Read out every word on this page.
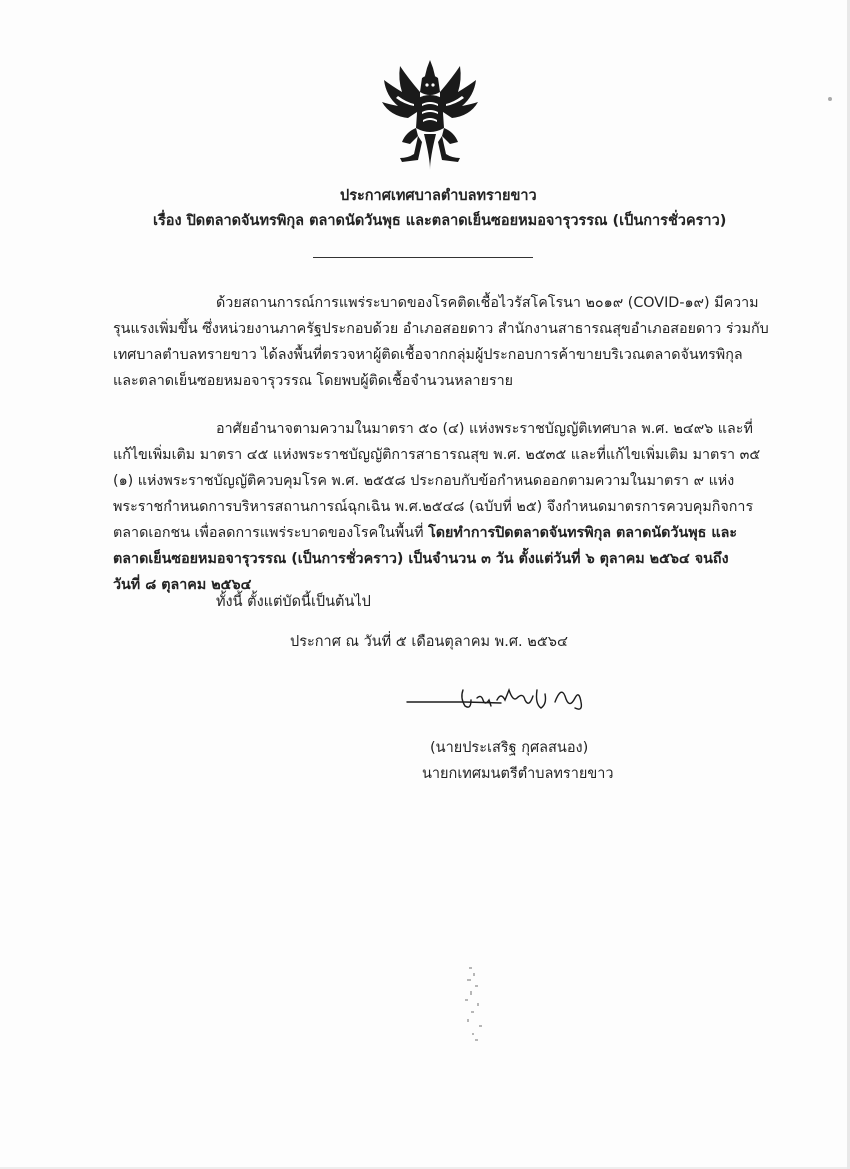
ประกาศเทศบาลตำบลทรายขาว
เรื่อง ปิดตลาดจันทรพิกุล ตลาดนัดวันพุธ และตลาดเย็นซอยหมอจารุวรรณ (เป็นการชั่วคราว)

ด้วยสถานการณ์การแพร่ระบาดของโรคติดเชื้อไวรัสโคโรนา ๒๐๑๙ (COVID-๑๙) มีความ

รุนแรงเพิ่มขึ้น ซึ่งหน่วยงานภาครัฐประกอบด้วย อำเภอสอยดาว สำนักงานสาธารณสุขอำเภอสอยดาว ร่วมกับ

เทศบาลตำบลทรายขาว ได้ลงพื้นที่ตรวจหาผู้ติดเชื้อจากกลุ่มผู้ประกอบการค้าขายบริเวณตลาดจันทรพิกุล

และตลาดเย็นซอยหมอจารุวรรณ โดยพบผู้ติดเชื้อจำนวนหลายราย

อาศัยอำนาจตามความในมาตรา ๕๐ (๔) แห่งพระราชบัญญัติเทศบาล พ.ศ. ๒๔๙๖ และที่

แก้ไขเพิ่มเติม มาตรา ๔๕ แห่งพระราชบัญญัติการสาธารณสุข พ.ศ. ๒๕๓๕ และที่แก้ไขเพิ่มเติม มาตรา ๓๕

(๑) แห่งพระราชบัญญัติควบคุมโรค พ.ศ. ๒๕๕๘ ประกอบกับข้อกำหนดออกตามความในมาตรา ๙ แห่ง

พระราชกำหนดการบริหารสถานการณ์ฉุกเฉิน พ.ศ.๒๕๔๘ (ฉบับที่ ๒๕) จึงกำหนดมาตรการควบคุมกิจการ

ตลาดเอกชน เพื่อลดการแพร่ระบาดของโรคในพื้นที่ โดยทำการปิดตลาดจันทรพิกุล ตลาดนัดวันพุธ และ

ตลาดเย็นซอยหมอจารุวรรณ (เป็นการชั่วคราว) เป็นจำนวน ๓ วัน ตั้งแต่วันที่ ๖ ตุลาคม ๒๕๖๔ จนถึง

วันที่ ๘ ตุลาคม ๒๕๖๔

ทั้งนี้ ตั้งแต่บัดนี้เป็นต้นไป
ประกาศ ณ วันที่ ๕ เดือนตุลาคม พ.ศ. ๒๕๖๔
(นายประเสริฐ กุศลสนอง)
นายกเทศมนตรีตำบลทรายขาว
